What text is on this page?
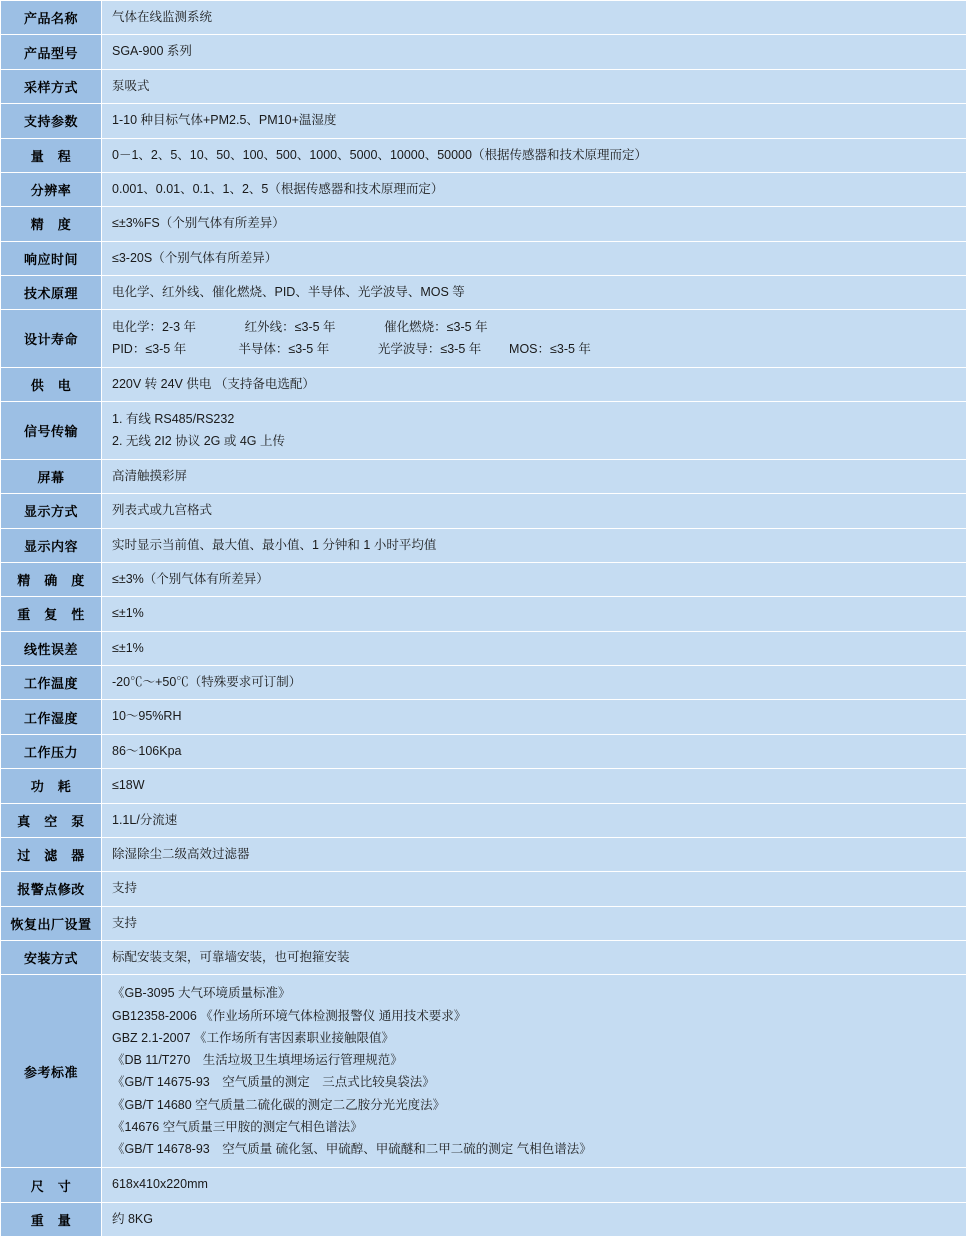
产品名称	气体在线监测系统

产品型号	SGA-900 系列

采样方式	泵吸式

支持参数	1-10 种目标气体+PM2.5、PM10+温湿度

量　程	0－1、2、5、10、50、100、500、1000、5000、10000、50000（根据传感器和技术原理而定）

分辨率	0.001、0.01、0.1、1、2、5（根据传感器和技术原理而定）

精　度	≤±3%FS（个别气体有所差异）

响应时间	≤3-20S（个别气体有所差异）

技术原理	电化学、红外线、催化燃烧、PID、半导体、光学波导、MOS 等

设计寿命	电化学：2-3 年              红外线：≤3-5 年              催化燃烧：≤3-5 年
PID：≤3-5 年               半导体：≤3-5 年              光学波导：≤3-5 年        MOS：≤3-5 年

供　电	220V 转 24V 供电 （支持备电选配）

信号传输	1. 有线 RS485/RS232
2. 无线 2I2 协议 2G 或 4G 上传

屏幕	高清触摸彩屏

显示方式	列表式或九宫格式

显示内容	实时显示当前值、最大值、最小值、1 分钟和 1 小时平均值

精　确　度	≤±3%（个别气体有所差异）

重　复　性	≤±1%

线性误差	≤±1%

工作温度	-20℃～+50℃（特殊要求可订制）

工作湿度	10～95%RH

工作压力	86～106Kpa

功　耗	≤18W

真　空　泵	1.1L/分流速

过　滤　器	除湿除尘二级高效过滤器

报警点修改	支持

恢复出厂设置	支持

安装方式	标配安装支架，可靠墙安装，也可抱箍安装

参考标准	
《GB-3095 大气环境质量标准》
GB12358-2006 《作业场所环境气体检测报警仪 通用技术要求》
GBZ 2.1-2007 《工作场所有害因素职业接触限值》
《DB 11/T270　生活垃圾卫生填埋场运行管理规范》
《GB/T 14675-93　空气质量的测定　三点式比较臭袋法》
《GB/T 14680 空气质量二硫化碳的测定二乙胺分光光度法》
《14676 空气质量三甲胺的测定气相色谱法》
《GB/T 14678-93　空气质量 硫化氢、甲硫醇、甲硫醚和二甲二硫的测定 气相色谱法》

尺　寸	618x410x220mm

重　量	约 8KG
